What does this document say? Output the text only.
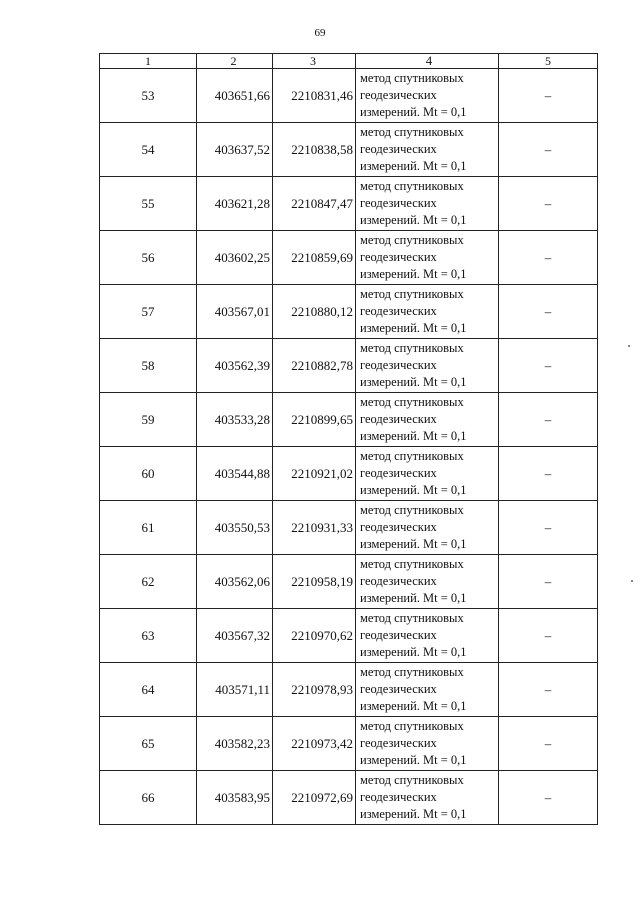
69
1	2	3	4	5
53	403651,66	2210831,46	метод спутниковых геодезических измерений. Mt = 0,1	–
54	403637,52	2210838,58	метод спутниковых геодезических измерений. Mt = 0,1	–
55	403621,28	2210847,47	метод спутниковых геодезических измерений. Mt = 0,1	–
56	403602,25	2210859,69	метод спутниковых геодезических измерений. Mt = 0,1	–
57	403567,01	2210880,12	метод спутниковых геодезических измерений. Mt = 0,1	–
58	403562,39	2210882,78	метод спутниковых геодезических измерений. Mt = 0,1	–
59	403533,28	2210899,65	метод спутниковых геодезических измерений. Mt = 0,1	–
60	403544,88	2210921,02	метод спутниковых геодезических измерений. Mt = 0,1	–
61	403550,53	2210931,33	метод спутниковых геодезических измерений. Mt = 0,1	–
62	403562,06	2210958,19	метод спутниковых геодезических измерений. Mt = 0,1	–
63	403567,32	2210970,62	метод спутниковых геодезических измерений. Mt = 0,1	–
64	403571,11	2210978,93	метод спутниковых геодезических измерений. Mt = 0,1	–
65	403582,23	2210973,42	метод спутниковых геодезических измерений. Mt = 0,1	–
66	403583,95	2210972,69	метод спутниковых геодезических измерений. Mt = 0,1	–
